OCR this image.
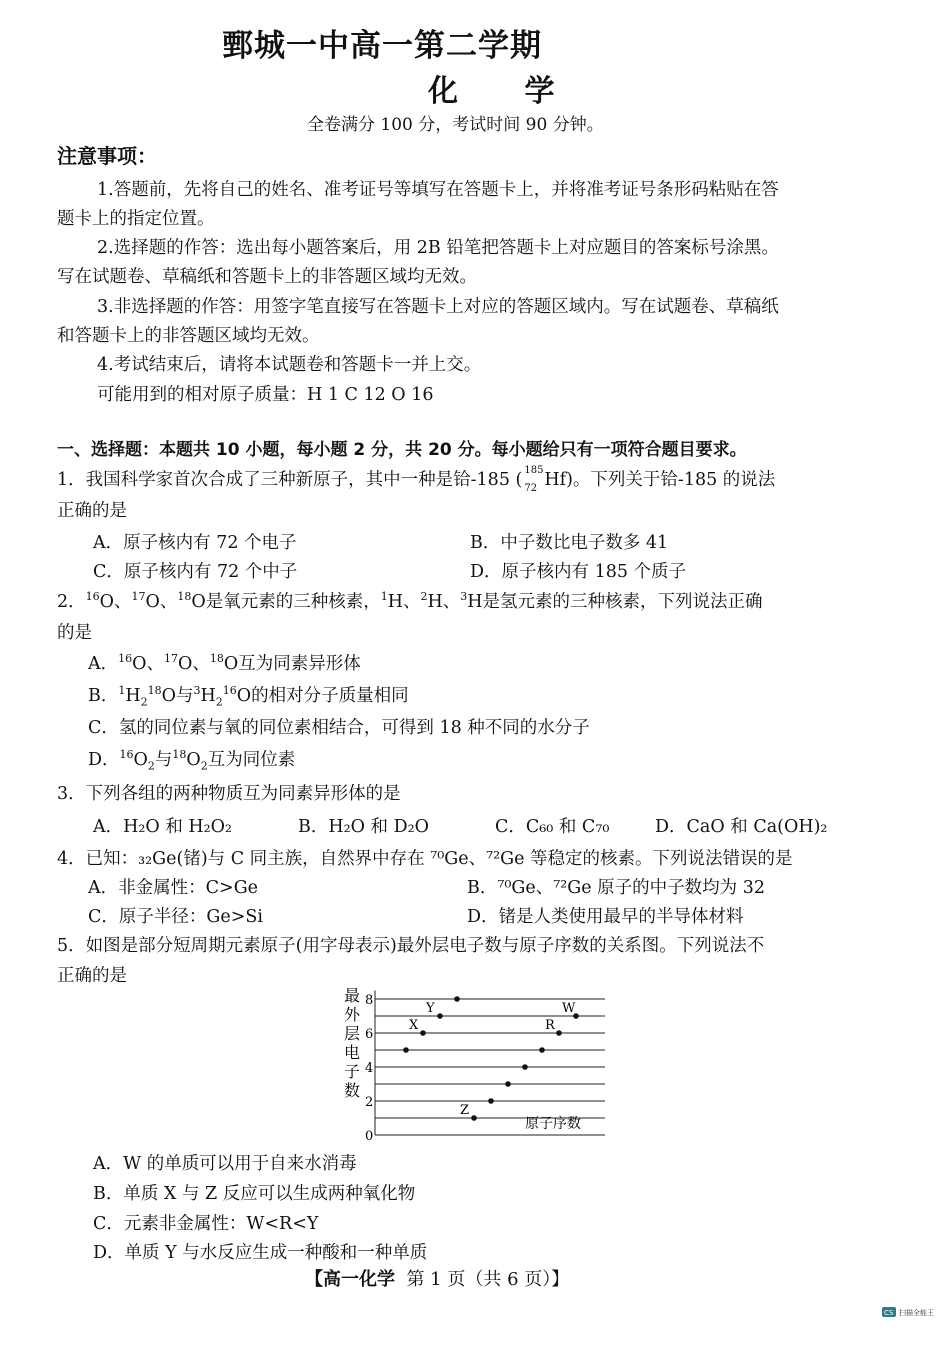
鄄城一中高一第二学期
化 学
全卷满分 100 分，考试时间 90 分钟。
注意事项：
1.答题前，先将自己的姓名、准考证号等填写在答题卡上，并将准考证号条形码粘贴在答
题卡上的指定位置。
2.选择题的作答：选出每小题答案后，用 2B 铅笔把答题卡上对应题目的答案标号涂黑。
写在试题卷、草稿纸和答题卡上的非答题区域均无效。
3.非选择题的作答：用签字笔直接写在答题卡上对应的答题区域内。写在试题卷、草稿纸
和答题卡上的非答题区域均无效。
4.考试结束后，请将本试题卷和答题卡一并上交。
可能用到的相对原子质量：H 1 C 12 O 16
一、选择题：本题共 10 小题，每小题 2 分，共 20 分。每小题给只有一项符合题目要求。
1．我国科学家首次合成了三种新原子，其中一种是铪-185 ( 185
72 Hf)。下列关于铪-185 的说法
正确的是
A．原子核内有 72 个电子	B．中子数比电子数多 41
C．原子核内有 72 个中子	D．原子核内有 185 个质子
2．$^{16}$O、$^{17}$O、$^{18}$O是氧元素的三种核素，$^1$H、$^2$H、$^3$H是氢元素的三种核素，下列说法正确
的是
A．$^{16}$O、$^{17}$O、$^{18}$O互为同素异形体
B．$^1H_2^{18}O$与$^3H_2^{16}O$的相对分子质量相同
C．氢的同位素与氧的同位素相结合，可得到 18 种不同的水分子
D．$^{16}O_2$与$^{18}O_2$互为同位素
3．下列各组的两种物质互为同素异形体的是
A．H₂O 和 H₂O₂	B．H₂O 和 D₂O	C．C₆₀ 和 C₇₀	D．CaO 和 Ca(OH)₂
4．已知：₃₂Ge(锗)与 C 同主族，自然界中存在 ⁷⁰Ge、⁷²Ge 等稳定的核素。下列说法错误的是
A．非金属性：C>Ge	B．⁷⁰Ge、⁷²Ge 原子的中子数均为 32
C．原子半径：Ge>Si	D．锗是人类使用最早的半导体材料
5．如图是部分短周期元素原子(用字母表示)最外层电子数与原子序数的关系图。下列说法不
正确的是
最
外
层
电
子
数
0
2
4
6
8
Y
X
Z
R
W
原子序数
A．W 的单质可以用于自来水消毒
B．单质 X 与 Z 反应可以生成两种氧化物
C．元素非金属性：W<R<Y
D．单质 Y 与水反应生成一种酸和一种单质
【高一化学 第 1 页（共 6 页）】
CS 扫描全能王
